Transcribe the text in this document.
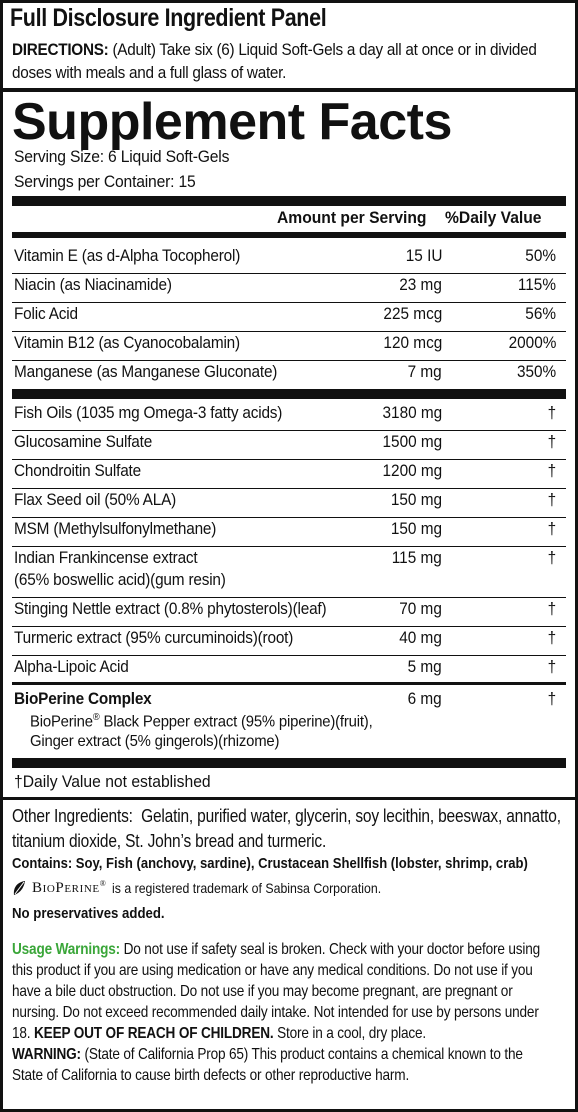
Full Disclosure Ingredient Panel
DIRECTIONS: (Adult) Take six (6) Liquid Soft-Gels a day all at once or in divided doses with meals and a full glass of water.
Supplement Facts
Serving Size: 6 Liquid Soft-Gels
Servings per Container: 15
Amount per Serving %Daily Value
Vitamin E (as d-Alpha Tocopherol)	15 IU	50%
Niacin (as Niacinamide)	23 mg	115%
Folic Acid	225 mcg	56%
Vitamin B12 (as Cyanocobalamin)	120 mcg	2000%
Manganese (as Manganese Gluconate)	7 mg	350%
Fish Oils (1035 mg Omega-3 fatty acids)	3180 mg	†
Glucosamine Sulfate	1500 mg	†
Chondroitin Sulfate	1200 mg	†
Flax Seed oil (50% ALA)	150 mg	†
MSM (Methylsulfonylmethane)	150 mg	†
Indian Frankincense extract
(65% boswellic acid)(gum resin)
115 mg	†
Stinging Nettle extract (0.8% phytosterols)(leaf)	70 mg	†
Turmeric extract (95% curcuminoids)(root)	40 mg	†
Alpha-Lipoic Acid	5 mg	†
BioPerine Complex	6 mg	†
BioPerine® Black Pepper extract (95% piperine)(fruit),
Ginger extract (5% gingerols)(rhizome)
†Daily Value not established
Other Ingredients: Gelatin, purified water, glycerin, soy lecithin, beeswax, annatto, titanium dioxide, St. John’s bread and turmeric.
Contains: Soy, Fish (anchovy, sardine), Crustacean Shellfish (lobster, shrimp, crab)
BioPerine® is a registered trademark of Sabinsa Corporation.
No preservatives added.
Usage Warnings: Do not use if safety seal is broken. Check with your doctor before using this product if you are using medication or have any medical conditions. Do not use if you have a bile duct obstruction. Do not use if you may become pregnant, are pregnant or nursing. Do not exceed recommended daily intake. Not intended for use by persons under 18. KEEP OUT OF REACH OF CHILDREN. Store in a cool, dry place.
WARNING: (State of California Prop 65) This product contains a chemical known to the State of California to cause birth defects or other reproductive harm.
